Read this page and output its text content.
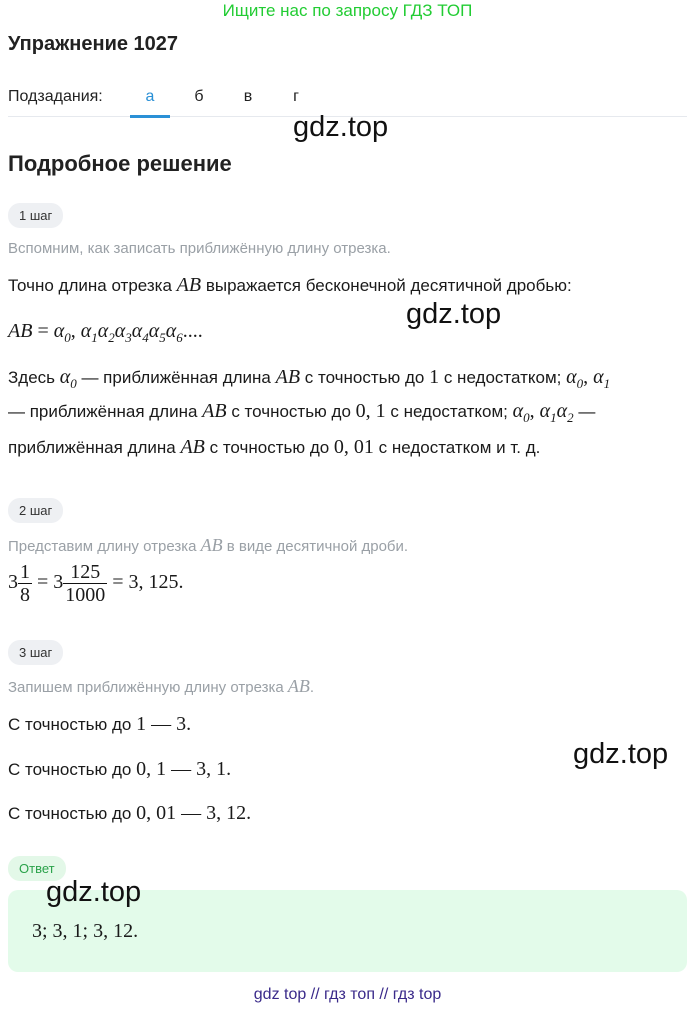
Ищите нас по запросу ГДЗ ТОП
Упражнение 1027
Подзадания:	а	б	в	г
gdz.top
Подробное решение
1 шаг
Вспомним, как записать приближённую длину отрезка.
Точно длина отрезка AB выражается бесконечной десятичной дробью:
AB = $\alpha_0$, $\alpha_1\alpha_2\alpha_3\alpha_4\alpha_5\alpha_6$....
gdz.top
Здесь $\alpha_0$ — приближённая длина AB с точностью до 1 с недостатком; $\alpha_0$, $\alpha_1$
— приближённая длина AB с точностью до 0, 1 с недостатком; $\alpha_0$, $\alpha_1\alpha_2$ —
приближённая длина AB с точностью до 0, 01 с недостатком и т. д.
2 шаг
Представим длину отрезка AB в виде десятичной дроби.
$3 \frac{1}{8} = 3 \frac{125}{1000} = 3$, 125.
3 шаг
Запишем приближённую длину отрезка AB.
С точностью до 1 — 3.
gdz.top
С точностью до 0, 1 — 3, 1.
С точностью до 0, 01 — 3, 12.
Ответ
3; 3, 1; 3, 12.
gdz.top
gdz top // гдз топ // гдз top
